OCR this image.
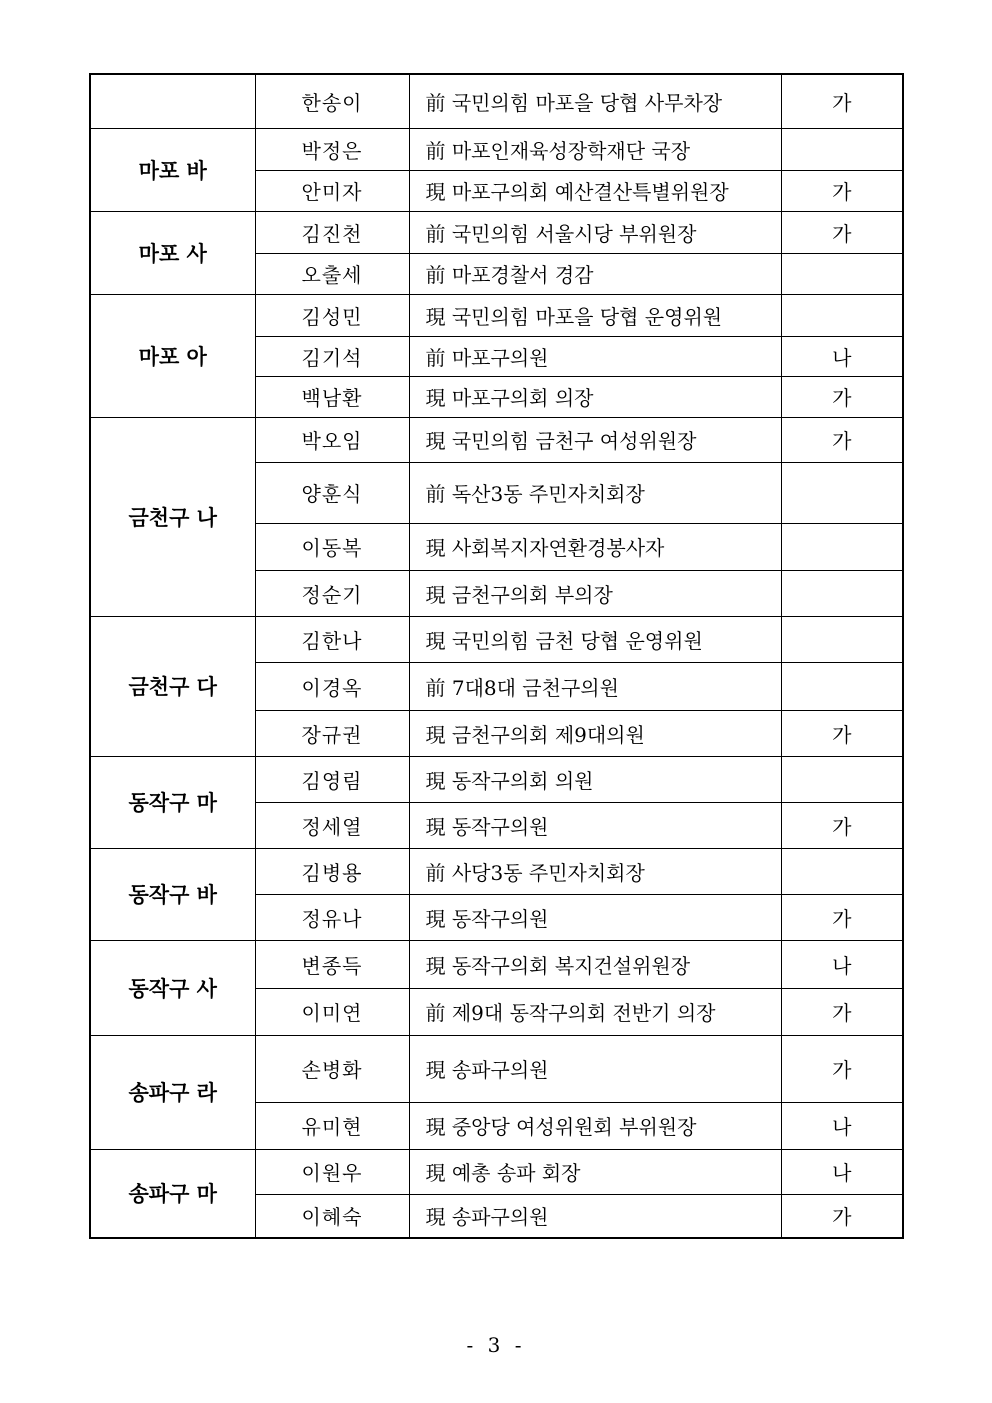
	한송이	前 국민의힘 마포을 당협 사무차장	가
마포 바	박정은	前 마포인재육성장학재단 국장	
	안미자	現 마포구의회 예산결산특별위원장	가
마포 사	김진천	前 국민의힘 서울시당 부위원장	가
	오출세	前 마포경찰서 경감	
마포 아	김성민	現 국민의힘 마포을 당협 운영위원	
	김기석	前 마포구의원	나
	백남환	現 마포구의회 의장	가
금천구 나	박오임	現 국민의힘 금천구 여성위원장	가
	양훈식	前 독산3동 주민자치회장	
	이동복	現 사회복지자연환경봉사자	
	정순기	現 금천구의회 부의장	
금천구 다	김한나	現 국민의힘 금천 당협 운영위원	
	이경옥	前 7대8대 금천구의원	
	장규권	現 금천구의회 제9대의원	가
동작구 마	김영림	現 동작구의회 의원	
	정세열	現 동작구의원	가
동작구 바	김병용	前 사당3동 주민자치회장	
	정유나	現 동작구의원	가
동작구 사	변종득	現 동작구의회 복지건설위원장	나
	이미연	前 제9대 동작구의회 전반기 의장	가
송파구 라	손병화	現 송파구의원	가
	유미현	現 중앙당 여성위원회 부위원장	나
송파구 마	이원우	現 예총 송파 회장	나
	이혜숙	現 송파구의원	가
- 3 -
